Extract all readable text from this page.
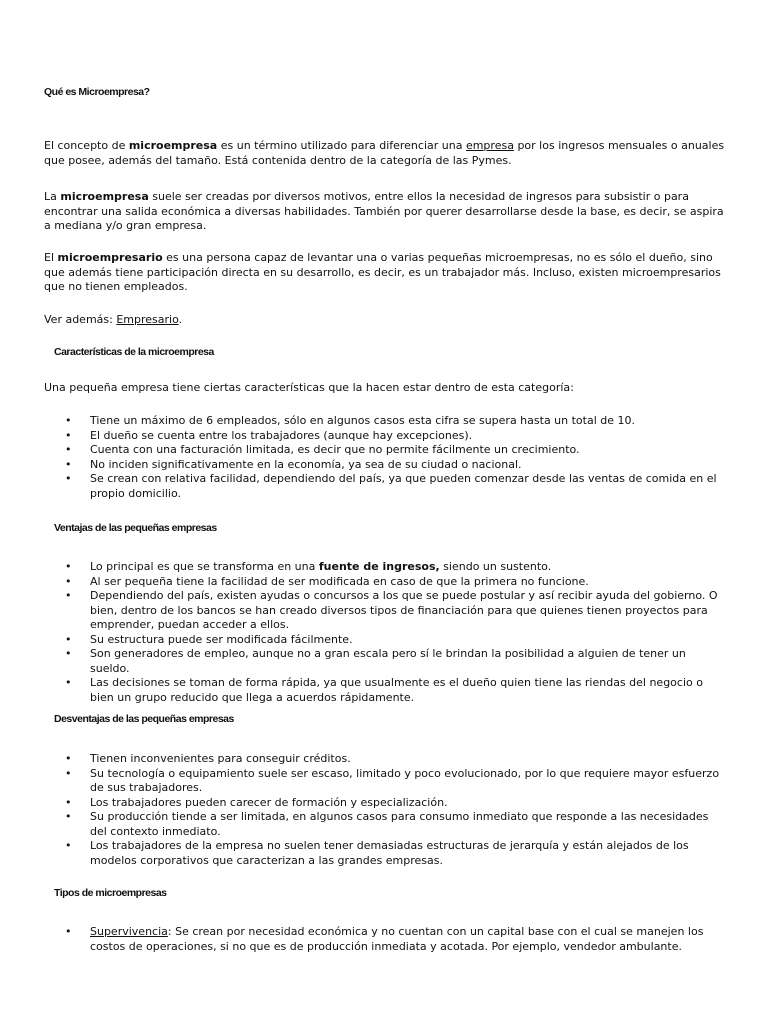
Qué es Microempresa?

El concepto de microempresa es un término utilizado para diferenciar una empresa por los ingresos mensuales o anuales que posee, además del tamaño. Está contenida dentro de la categoría de las Pymes.

La microempresa suele ser creadas por diversos motivos, entre ellos la necesidad de ingresos para subsistir o para encontrar una salida económica a diversas habilidades. También por querer desarrollarse desde la base, es decir, se aspira a mediana y/o gran empresa.

El microempresario es una persona capaz de levantar una o varias pequeñas microempresas, no es sólo el dueño, sino que además tiene participación directa en su desarrollo, es decir, es un trabajador más. Incluso, existen microempresarios que no tienen empleados.

Ver además: Empresario.

Características de la microempresa

Una pequeña empresa tiene ciertas características que la hacen estar dentro de esta categoría:

• Tiene un máximo de 6 empleados, sólo en algunos casos esta cifra se supera hasta un total de 10.
• El dueño se cuenta entre los trabajadores (aunque hay excepciones).
• Cuenta con una facturación limitada, es decir que no permite fácilmente un crecimiento.
• No inciden significativamente en la economía, ya sea de su ciudad o nacional.
• Se crean con relativa facilidad, dependiendo del país, ya que pueden comenzar desde las ventas de comida en el propio domicilio.
Ventajas de las pequeñas empresas
• Lo principal es que se transforma en una fuente de ingresos, siendo un sustento.
• Al ser pequeña tiene la facilidad de ser modificada en caso de que la primera no funcione.
• Dependiendo del país, existen ayudas o concursos a los que se puede postular y así recibir ayuda del gobierno. O bien, dentro de los bancos se han creado diversos tipos de financiación para que quienes tienen proyectos para emprender, puedan acceder a ellos.
• Su estructura puede ser modificada fácilmente.
• Son generadores de empleo, aunque no a gran escala pero sí le brindan la posibilidad a alguien de tener un sueldo.
• Las decisiones se toman de forma rápida, ya que usualmente es el dueño quien tiene las riendas del negocio o bien un grupo reducido que llega a acuerdos rápidamente.
Desventajas de las pequeñas empresas
• Tienen inconvenientes para conseguir créditos.
• Su tecnología o equipamiento suele ser escaso, limitado y poco evolucionado, por lo que requiere mayor esfuerzo de sus trabajadores.
• Los trabajadores pueden carecer de formación y especialización.
• Su producción tiende a ser limitada, en algunos casos para consumo inmediato que responde a las necesidades del contexto inmediato.
• Los trabajadores de la empresa no suelen tener demasiadas estructuras de jerarquía y están alejados de los modelos corporativos que caracterizan a las grandes empresas.
Tipos de microempresas
• Supervivencia: Se crean por necesidad económica y no cuentan con un capital base con el cual se manejen los costos de operaciones, si no que es de producción inmediata y acotada. Por ejemplo, vendedor ambulante.
